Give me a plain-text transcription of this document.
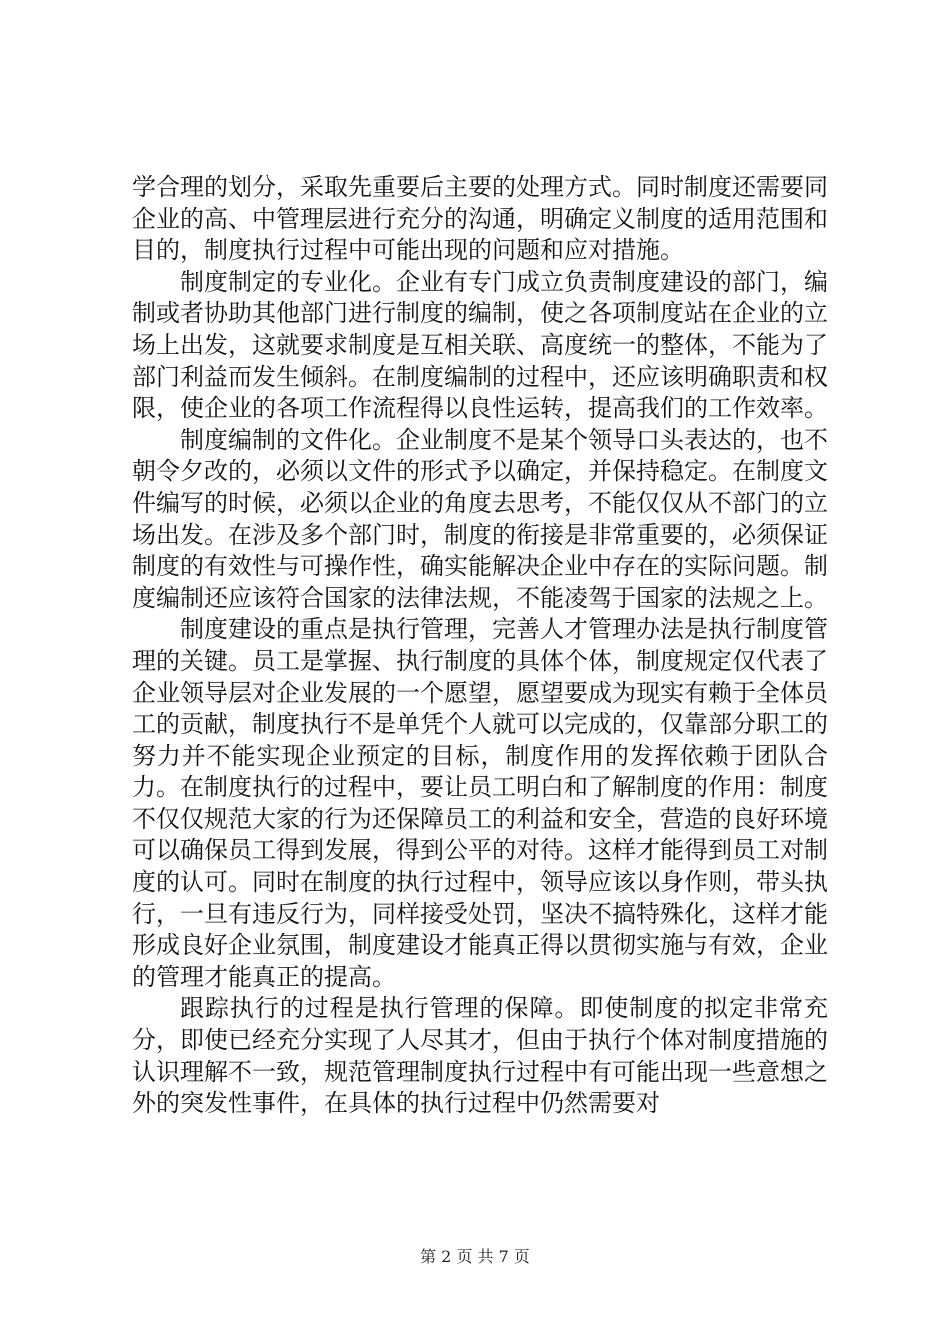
学合理的划分，采取先重要后主要的处理方式。同时制度还需要同企业的高、中管理层进行充分的沟通，明确定义制度的适用范围和目的，制度执行过程中可能出现的问题和应对措施。

制度制定的专业化。企业有专门成立负责制度建设的部门，编制或者协助其他部门进行制度的编制，使之各项制度站在企业的立场上出发，这就要求制度是互相关联、高度统一的整体，不能为了部门利益而发生倾斜。在制度编制的过程中，还应该明确职责和权限，使企业的各项工作流程得以良性运转，提高我们的工作效率。

制度编制的文件化。企业制度不是某个领导口头表达的，也不朝令夕改的，必须以文件的形式予以确定，并保持稳定。在制度文件编写的时候，必须以企业的角度去思考，不能仅仅从不部门的立场出发。在涉及多个部门时，制度的衔接是非常重要的，必须保证制度的有效性与可操作性，确实能解决企业中存在的实际问题。制度编制还应该符合国家的法律法规，不能凌驾于国家的法规之上。

制度建设的重点是执行管理，完善人才管理办法是执行制度管理的关键。员工是掌握、执行制度的具体个体，制度规定仅代表了企业领导层对企业发展的一个愿望，愿望要成为现实有赖于全体员工的贡献，制度执行不是单凭个人就可以完成的，仅靠部分职工的努力并不能实现企业预定的目标，制度作用的发挥依赖于团队合力。在制度执行的过程中，要让员工明白和了解制度的作用：制度不仅仅规范大家的行为还保障员工的利益和安全，营造的良好环境可以确保员工得到发展，得到公平的对待。这样才能得到员工对制度的认可。同时在制度的执行过程中，领导应该以身作则，带头执行，一旦有违反行为，同样接受处罚，坚决不搞特殊化，这样才能形成良好企业氛围，制度建设才能真正得以贯彻实施与有效，企业的管理才能真正的提高。

跟踪执行的过程是执行管理的保障。即使制度的拟定非常充分，即使已经充分实现了人尽其才，但由于执行个体对制度措施的认识理解不一致，规范管理制度执行过程中有可能出现一些意想之外的突发性事件，在具体的执行过程中仍然需要对

第 2 页 共 7 页
